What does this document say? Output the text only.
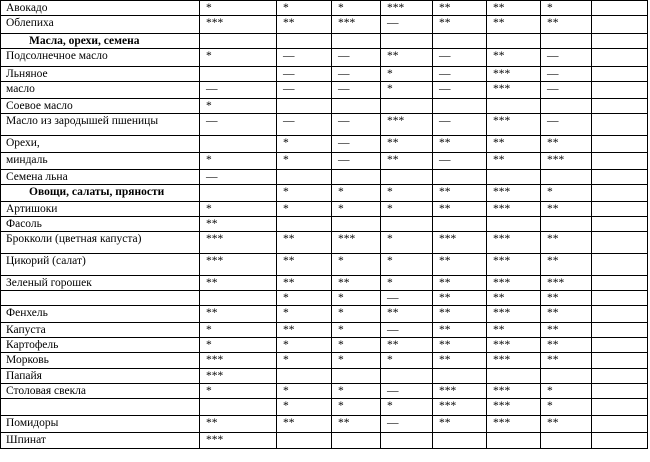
Авокадо	*	*	*	***	**	**	*	
Облепиха	***	**	***	—	**	**	**	
Масла, орехи, семена								
Подсолнечное масло	*	—	—	**	—	**	—	
Льняное		—	—	*	—	***	—	
масло	—	—	—	*	—	***	—	
Соевое масло	*							
Масло из зародышей пшеницы	—	—	—	***	—	***	—	
Орехи,		*	—	**	**	**	**	
миндаль	*	*	—	**	—	**	***	
Семена льна	—							
Овощи, салаты, пряности		*	*	*	**	***	*	
Артишоки	*	*	*	*	**	***	**	
Фасоль	**							
Брокколи (цветная капуста)	***	**	***	*	***	***	**	
Цикорий (салат)	***	**	*	*	**	***	**	
Зеленый горошек	**	**	**	*	**	***	***	
		*	*	—	**	**	**	
Фенхель	**	*	*	**	**	***	**	
Капуста	*	**	*	—	**	**	**	
Картофель	*	*	*	**	**	***	**	
Морковь	***	*	*	*	**	***	**	
Папайя	***							
Столовая свекла	*	*	*	—	***	***	*	
		*	*	*	***	***	*	
Помидоры	**	**	**	—	**	***	**	
Шпинат	***							
